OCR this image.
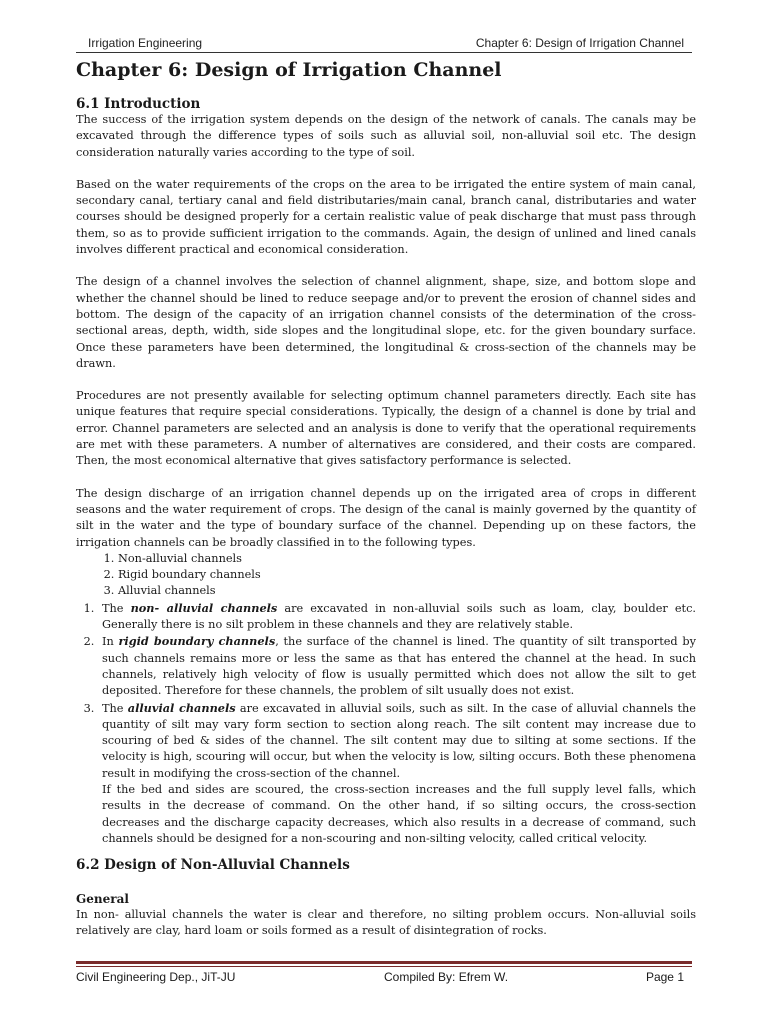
Irrigation Engineering	Chapter 6: Design of Irrigation Channel
Chapter 6: Design of Irrigation Channel
6.1 Introduction

The success of the irrigation system depends on the design of the network of canals. The canals may be excavated through the difference types of soils such as alluvial soil, non-alluvial soil etc. The design consideration naturally varies according to the type of soil.

Based on the water requirements of the crops on the area to be irrigated the entire system of main canal, secondary canal, tertiary canal and field distributaries/main canal, branch canal, distributaries and water courses should be designed properly for a certain realistic value of peak discharge that must pass through them, so as to provide sufficient irrigation to the commands. Again, the design of unlined and lined canals involves different practical and economical consideration.

The design of a channel involves the selection of channel alignment, shape, size, and bottom slope and whether the channel should be lined to reduce seepage and/or to prevent the erosion of channel sides and bottom. The design of the capacity of an irrigation channel consists of the determination of the cross-sectional areas, depth, width, side slopes and the longitudinal slope, etc. for the given boundary surface. Once these parameters have been determined, the longitudinal & cross-section of the channels may be drawn.

Procedures are not presently available for selecting optimum channel parameters directly. Each site has unique features that require special considerations. Typically, the design of a channel is done by trial and error. Channel parameters are selected and an analysis is done to verify that the operational requirements are met with these parameters. A number of alternatives are considered, and their costs are compared. Then, the most economical alternative that gives satisfactory performance is selected.

The design discharge of an irrigation channel depends up on the irrigated area of crops in different seasons and the water requirement of crops. The design of the canal is mainly governed by the quantity of silt in the water and the type of boundary surface of the channel. Depending up on these factors, the irrigation channels can be broadly classified in to the following types.

1. Non-alluvial channels
2. Rigid boundary channels
3. Alluvial channels
1. The non- alluvial channels are excavated in non-alluvial soils such as loam, clay, boulder etc. Generally there is no silt problem in these channels and they are relatively stable.
2. In rigid boundary channels, the surface of the channel is lined. The quantity of silt transported by such channels remains more or less the same as that has entered the channel at the head. In such channels, relatively high velocity of flow is usually permitted which does not allow the silt to get deposited. Therefore for these channels, the problem of silt usually does not exist.
3. The alluvial channels are excavated in alluvial soils, such as silt. In the case of alluvial channels the quantity of silt may vary form section to section along reach. The silt content may increase due to scouring of bed & sides of the channel. The silt content may due to silting at some sections. If the velocity is high, scouring will occur, but when the velocity is low, silting occurs. Both these phenomena result in modifying the cross-section of the channel.
If the bed and sides are scoured, the cross-section increases and the full supply level falls, which results in the decrease of command. On the other hand, if so silting occurs, the cross-section decreases and the discharge capacity decreases, which also results in a decrease of command, such channels should be designed for a non-scouring and non-silting velocity, called critical velocity.
6.2 Design of Non-Alluvial Channels
General

In non- alluvial channels the water is clear and therefore, no silting problem occurs. Non-alluvial soils relatively are clay, hard loam or soils formed as a result of disintegration of rocks.

Civil Engineering Dep., JiT-JU	Compiled By: Efrem W.	Page 1
